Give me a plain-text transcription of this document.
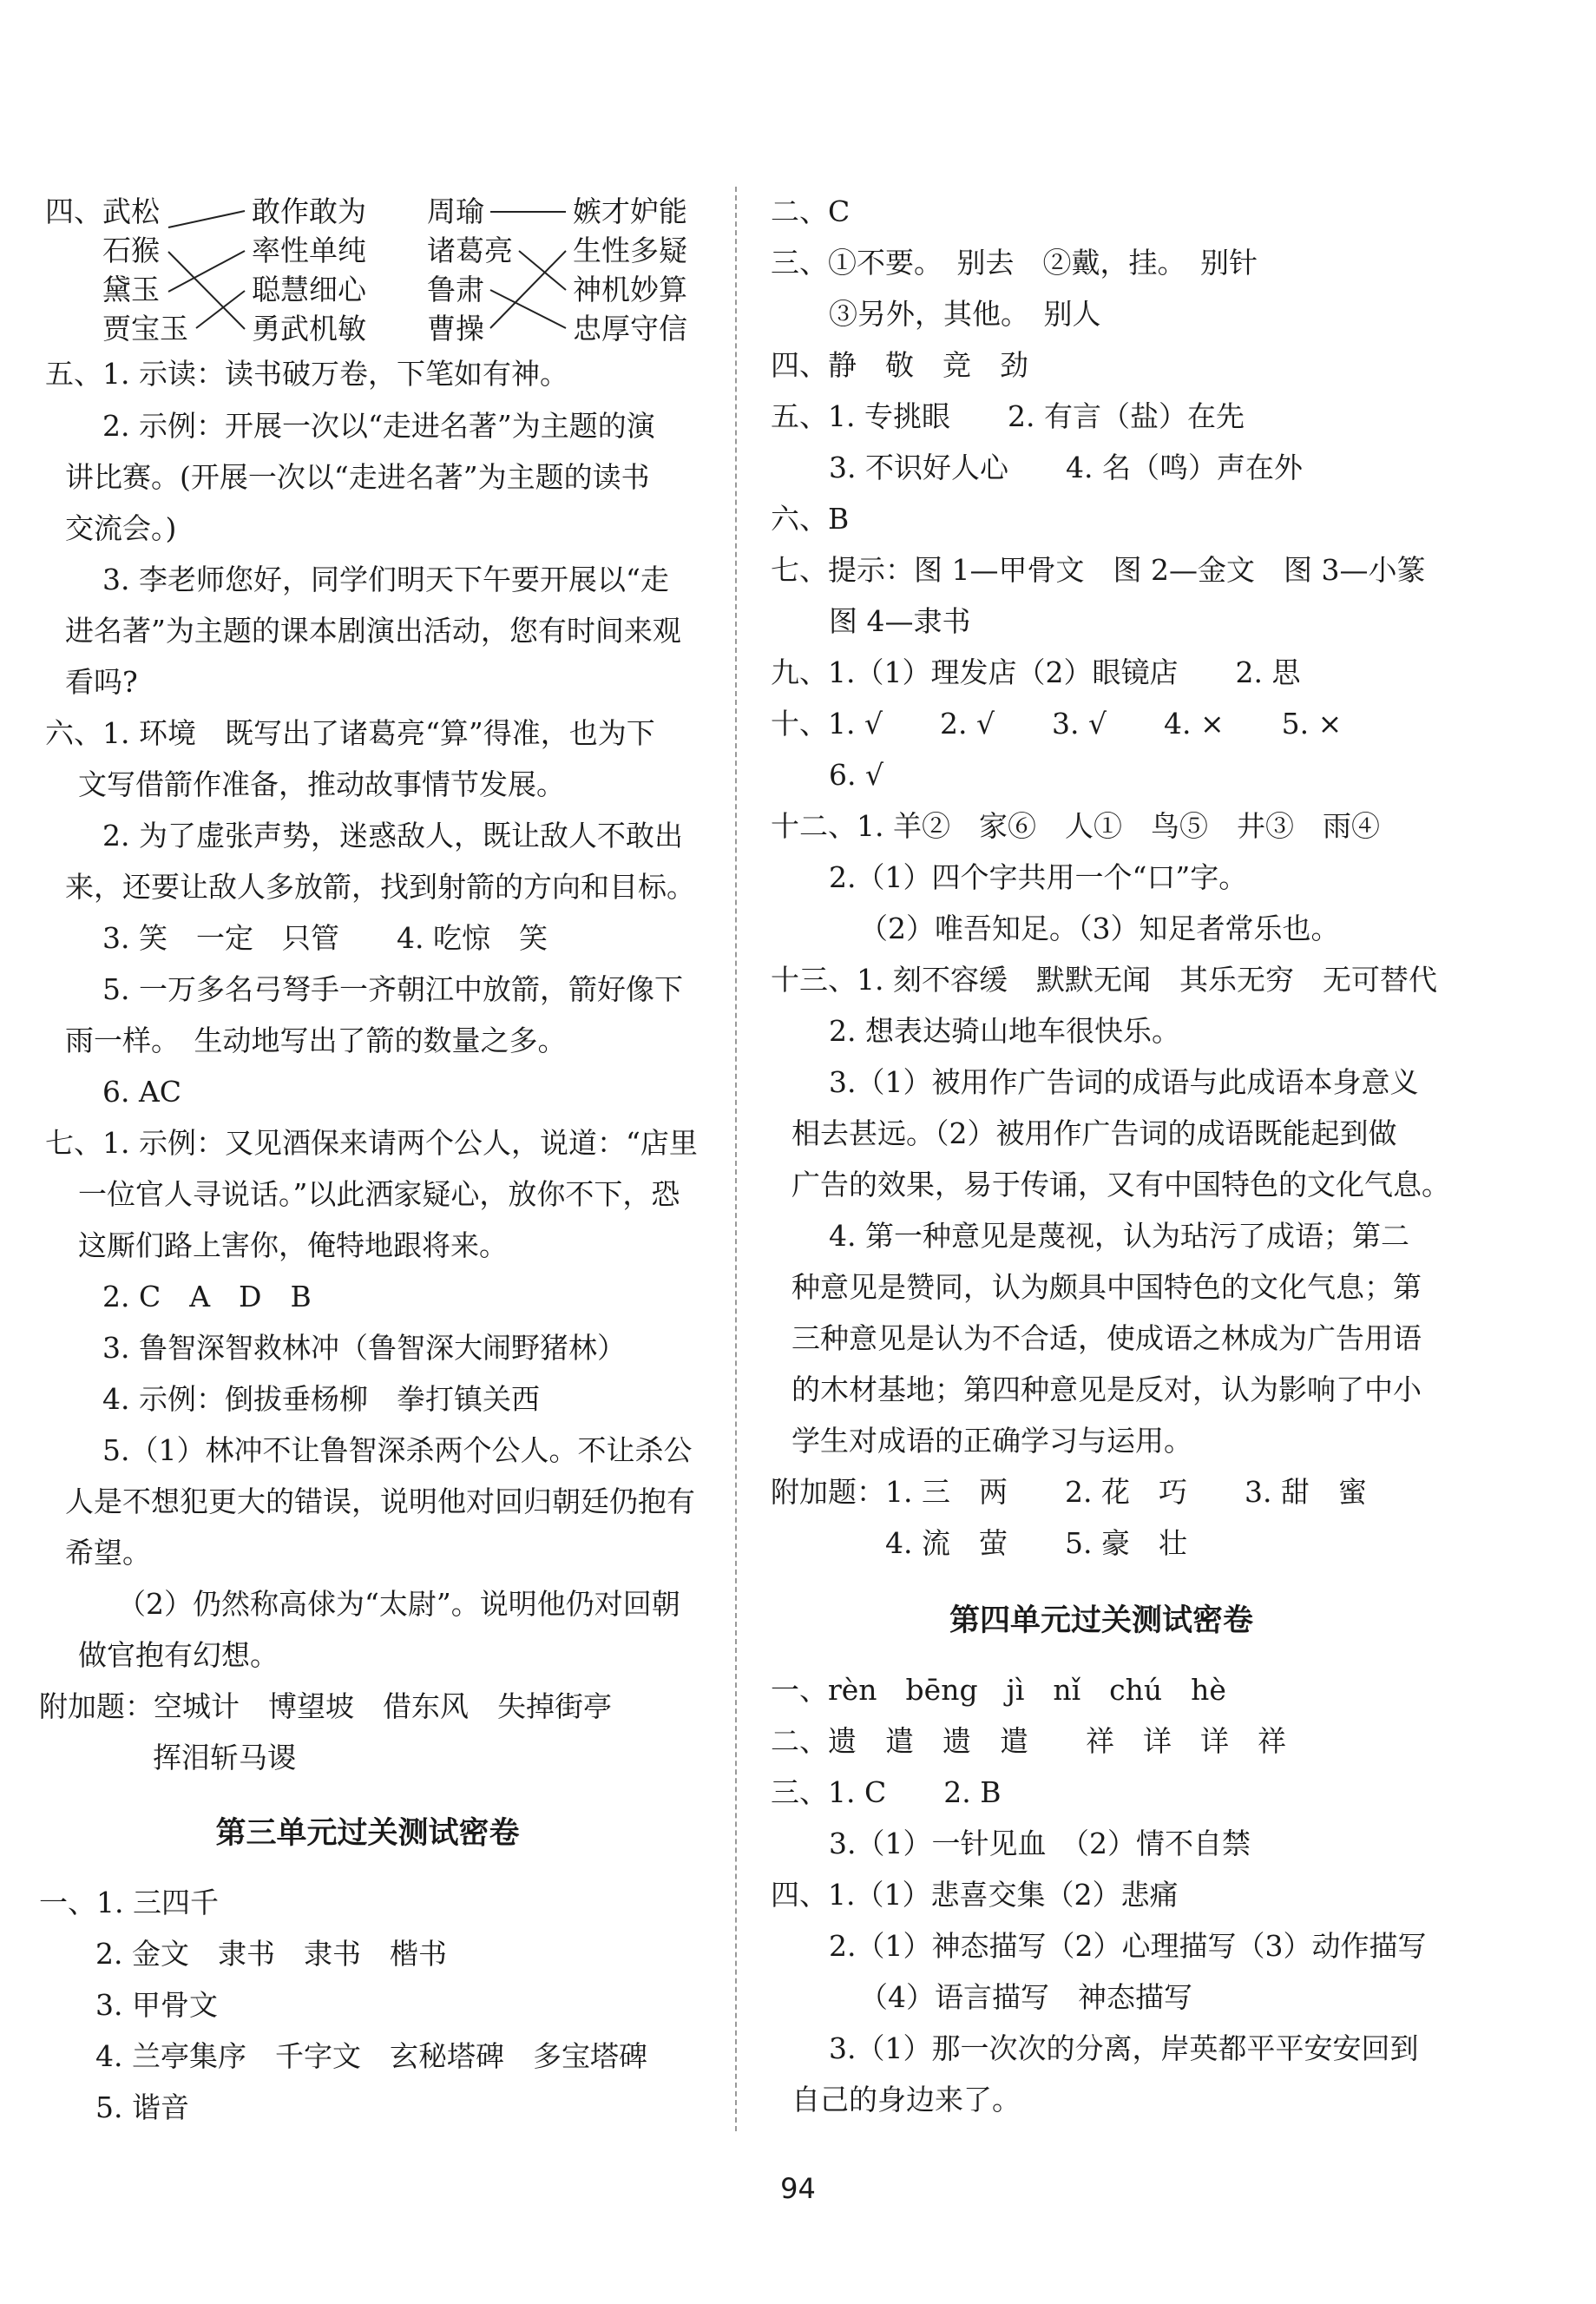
四、 武松
石猴
黛玉
贾宝玉
敢作敢为
率性单纯
聪慧细心
勇武机敏
周瑜
诸葛亮
鲁肃
曹操
嫉才妒能
生性多疑
神机妙算
忠厚守信
五、1. 示读：读书破万卷，下笔如有神。
2. 示例：开展一次以“走进名著”为主题的演
讲比赛。(开展一次以“走进名著”为主题的读书
交流会。)
3. 李老师您好，同学们明天下午要开展以“走
进名著”为主题的课本剧演出活动，您有时间来观
看吗?
六、1. 环境　既写出了诸葛亮“算”得准，也为下
文写借箭作准备，推动故事情节发展。
2. 为了虚张声势，迷惑敌人，既让敌人不敢出
来，还要让敌人多放箭，找到射箭的方向和目标。
3. 笑　一定　只管　　4. 吃惊　笑
5. 一万多名弓弩手一齐朝江中放箭，箭好像下
雨一样。　生动地写出了箭的数量之多。
6. AC
七、1. 示例：又见酒保来请两个公人，说道：“店里
一位官人寻说话。”以此洒家疑心，放你不下，恐
这厮们路上害你，俺特地跟将来。
2. C　A　D　B
3. 鲁智深智救林冲（鲁智深大闹野猪林）
4. 示例：倒拔垂杨柳　拳打镇关西
5.（1）林冲不让鲁智深杀两个公人。不让杀公
人是不想犯更大的错误，说明他对回归朝廷仍抱有
希望。
（2）仍然称高俅为“太尉”。说明他仍对回朝
做官抱有幻想。
附加题：空城计　博望坡　借东风　失掉街亭
挥泪斩马谡
第三单元过关测试密卷
一、1. 三四千
2. 金文　隶书　隶书　楷书
3. 甲骨文
4. 兰亭集序　千字文　玄秘塔碑　多宝塔碑
5. 谐音
二、C
三、①不要。　别去　②戴，挂。　别针
③另外，其他。　别人
四、静　敬　竞　劲
五、1. 专挑眼　　2. 有言（盐）在先
3. 不识好人心　　4. 名（鸣）声在外
六、B
七、提示：图 1—甲骨文　图 2—金文　图 3—小篆
图 4—隶书
九、1.（1）理发店（2）眼镜店　　2. 思
十、1. √　　2. √　　3. √　　4. ×　　5. ×
6. √
十二、1. 羊②　家⑥　人①　鸟⑤　井③　雨④
2.（1）四个字共用一个“口”字。
（2）唯吾知足。（3）知足者常乐也。
十三、1. 刻不容缓　默默无闻　其乐无穷　无可替代
2. 想表达骑山地车很快乐。
3.（1）被用作广告词的成语与此成语本身意义
相去甚远。（2）被用作广告词的成语既能起到做
广告的效果，易于传诵，又有中国特色的文化气息。
4. 第一种意见是蔑视，认为玷污了成语；第二
种意见是赞同，认为颇具中国特色的文化气息；第
三种意见是认为不合适，使成语之林成为广告用语
的木材基地；第四种意见是反对，认为影响了中小
学生对成语的正确学习与运用。
附加题：1. 三　两　　2. 花　巧　　3. 甜　蜜
4. 流　萤　　5. 豪　壮
第四单元过关测试密卷
一、rèn　bēng　jì　nǐ　chú　hè
二、遗　遣　遗　遣　　祥　详　详　祥
三、1. C　　2. B
3.（1）一针见血　（2）情不自禁
四、1.（1）悲喜交集（2）悲痛
2.（1）神态描写（2）心理描写（3）动作描写
（4）语言描写　神态描写
3.（1）那一次次的分离，岸英都平平安安回到
自己的身边来了。
94
